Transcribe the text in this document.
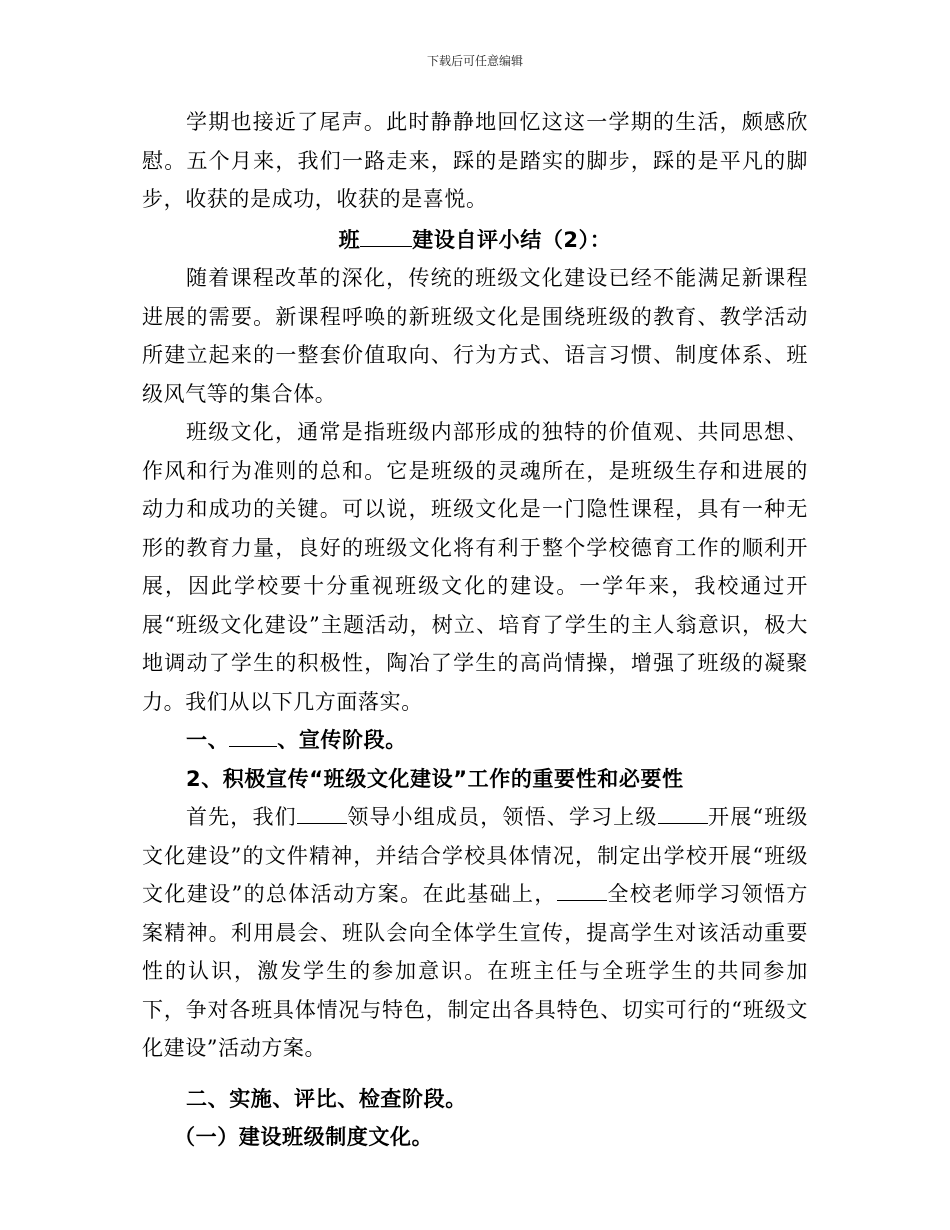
下载后可任意编辑

学期也接近了尾声。此时静静地回忆这这一学期的生活，颇感欣慰。五个月来，我们一路走来，踩的是踏实的脚步，踩的是平凡的脚步，收获的是成功，收获的是喜悦。

班 建设自评小结（2）：

随着课程改革的深化，传统的班级文化建设已经不能满足新课程进展的需要。新课程呼唤的新班级文化是围绕班级的教育、教学活动所建立起来的一整套价值取向、行为方式、语言习惯、制度体系、班级风气等的集合体。

班级文化，通常是指班级内部形成的独特的价值观、共同思想、作风和行为准则的总和。它是班级的灵魂所在，是班级生存和进展的动力和成功的关键。可以说，班级文化是一门隐性课程，具有一种无形的教育力量，良好的班级文化将有利于整个学校德育工作的顺利开展，因此学校要十分重视班级文化的建设。一学年来，我校通过开展“班级文化建设”主题活动，树立、培育了学生的主人翁意识，极大地调动了学生的积极性，陶冶了学生的高尚情操，增强了班级的凝聚力。我们从以下几方面落实。

一、 、宣传阶段。

2、积极宣传“班级文化建设”工作的重要性和必要性

首先，我们 领导小组成员，领悟、学习上级 开展“班级文化建设”的文件精神，并结合学校具体情况，制定出学校开展“班级文化建设”的总体活动方案。在此基础上， 全校老师学习领悟方案精神。利用晨会、班队会向全体学生宣传，提高学生对该活动重要性的认识，激发学生的参加意识。在班主任与全班学生的共同参加下，争对各班具体情况与特色，制定出各具特色、切实可行的“班级文化建设”活动方案。

二、实施、评比、检查阶段。

（一）建设班级制度文化。
